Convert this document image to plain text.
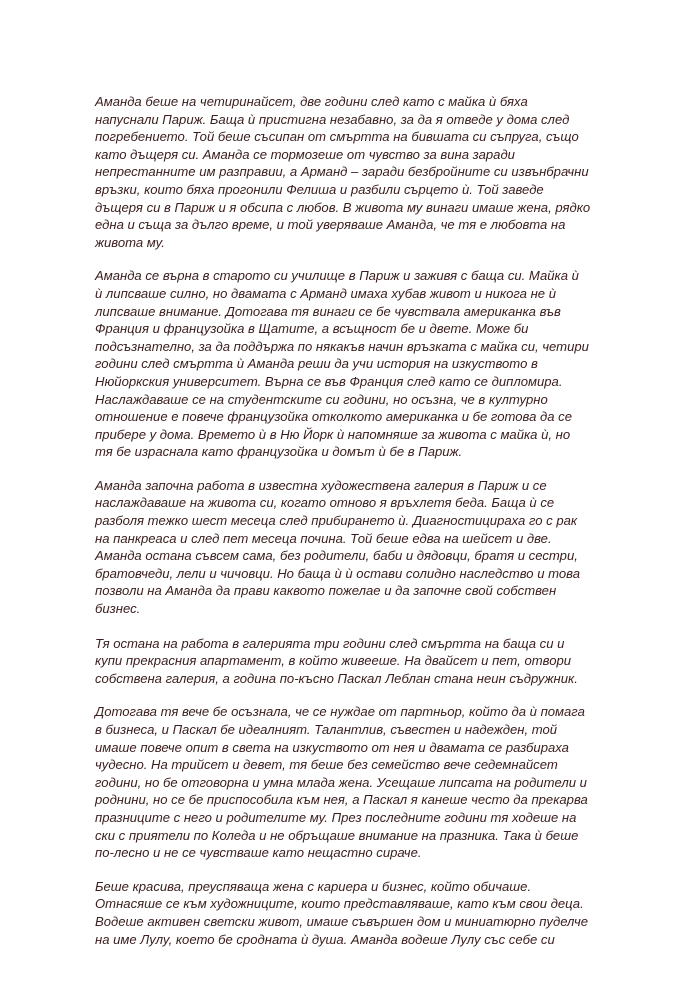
Аманда беше на четиринайсет, две години след като с майка ѝ бяха
напуснали Париж. Баща ѝ пристигна незабавно, за да я отведе у дома след
погребението. Той беше съсипан от смъртта на бившата си съпруга, също
като дъщеря си. Аманда се тормозеше от чувство за вина заради
непрестанните им разправии, а Арманд – заради безбройните си извънбрачни
връзки, които бяха прогонили Фелиша и разбили сърцето ѝ. Той заведе
дъщеря си в Париж и я обсипа с любов. В живота му винаги имаше жена, рядко
една и съща за дълго време, и той уверяваше Аманда, че тя е любовта на
живота му.

Аманда се върна в старото си училище в Париж и заживя с баща си. Майка ѝ
ѝ липсваше силно, но двамата с Арманд имаха хубав живот и никога не ѝ
липсваше внимание. Дотогава тя винаги се бе чувствала американка във
Франция и французойка в Щатите, а всъщност бе и двете. Може би
подсъзнателно, за да поддържа по някакъв начин връзката с майка си, четири
години след смъртта ѝ Аманда реши да учи история на изкуството в
Нюйоркския университет. Върна се във Франция след като се дипломира.
Наслаждаваше се на студентските си години, но осъзна, че в културно
отношение е повече французойка отколкото американка и бе готова да се
прибере у дома. Времето ѝ в Ню Йорк ѝ напомняше за живота с майка ѝ, но
тя бе израснала като французойка и домът ѝ бе в Париж.

Аманда започна работа в известна художествена галерия в Париж и се
наслаждаваше на живота си, когато отново я връхлетя беда. Баща ѝ се
разболя тежко шест месеца след прибирането ѝ. Диагностицираха го с рак
на панкреаса и след пет месеца почина. Той беше едва на шейсет и две.
Аманда остана съвсем сама, без родители, баби и дядовци, братя и сестри,
братовчеди, лели и чичовци. Но баща ѝ ѝ остави солидно наследство и това
позволи на Аманда да прави каквото пожелае и да започне свой собствен
бизнес.

Тя остана на работа в галерията три години след смъртта на баща си и
купи прекрасния апартамент, в който живееше. На двайсет и пет, отвори
собствена галерия, а година по-късно Паскал Леблан стана неин съдружник.

Дотогава тя вече бе осъзнала, че се нуждае от партньор, който да ѝ помага
в бизнеса, и Паскал бе идеалният. Талантлив, съвестен и надежден, той
имаше повече опит в света на изкуството от нея и двамата се разбираха
чудесно. На трийсет и девет, тя беше без семейство вече седемнайсет
години, но бе отговорна и умна млада жена. Усещаше липсата на родители и
роднини, но се бе приспособила към нея, а Паскал я канеше често да прекарва
празниците с него и родителите му. През последните години тя ходеше на
ски с приятели по Коледа и не обръщаше внимание на празника. Така ѝ беше
по-лесно и не се чувстваше като нещастно сираче.

Беше красива, преуспяваща жена с кариера и бизнес, който обичаше.
Отнасяше се към художниците, които представляваше, като към свои деца.
Водеше активен светски живот, имаше съвършен дом и миниатюрно пуделче
на име Лулу, което бе сродната ѝ душа. Аманда водеше Лулу със себе си
